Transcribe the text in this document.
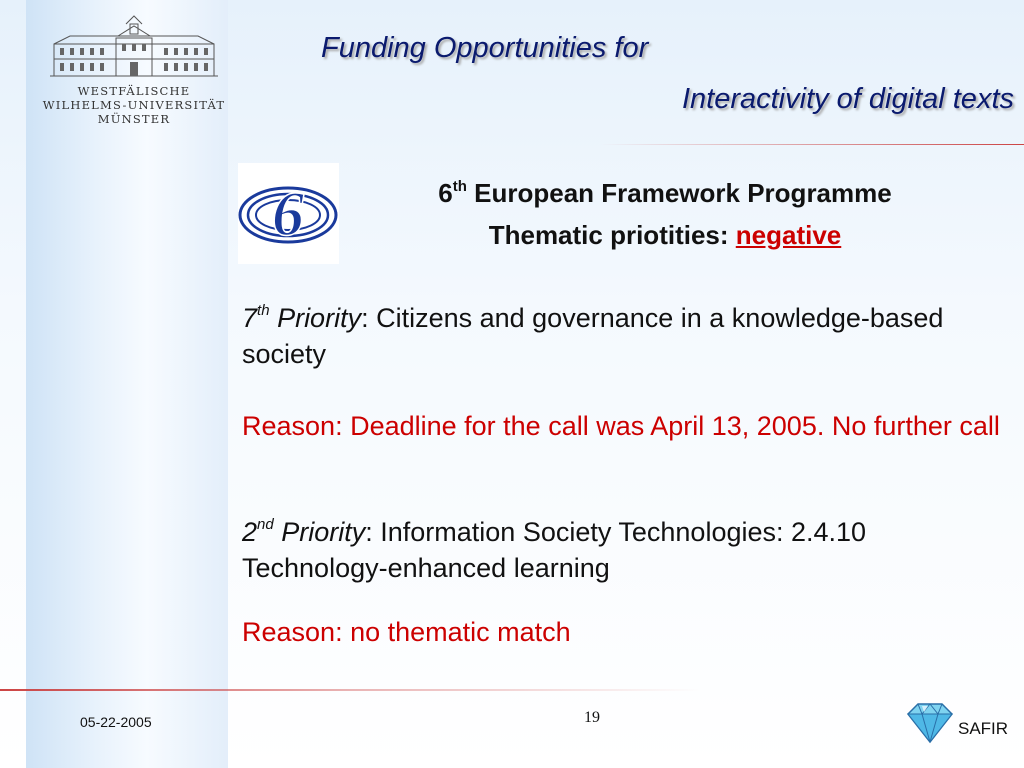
WESTFÄLISCHE
WILHELMS-UNIVERSITÄT
MÜNSTER
Funding Opportunities for
Interactivity of digital texts
6	6th European Framework Programme
Thematic priotities: negative
7th Priority: Citizens and governance in a knowledge-based society
Reason: Deadline for the call was April 13, 2005. No further call
2nd Priority: Information Society Technologies: 2.4.10 Technology-enhanced learning
Reason: no thematic match
05-22-2005	19
SAFIR
